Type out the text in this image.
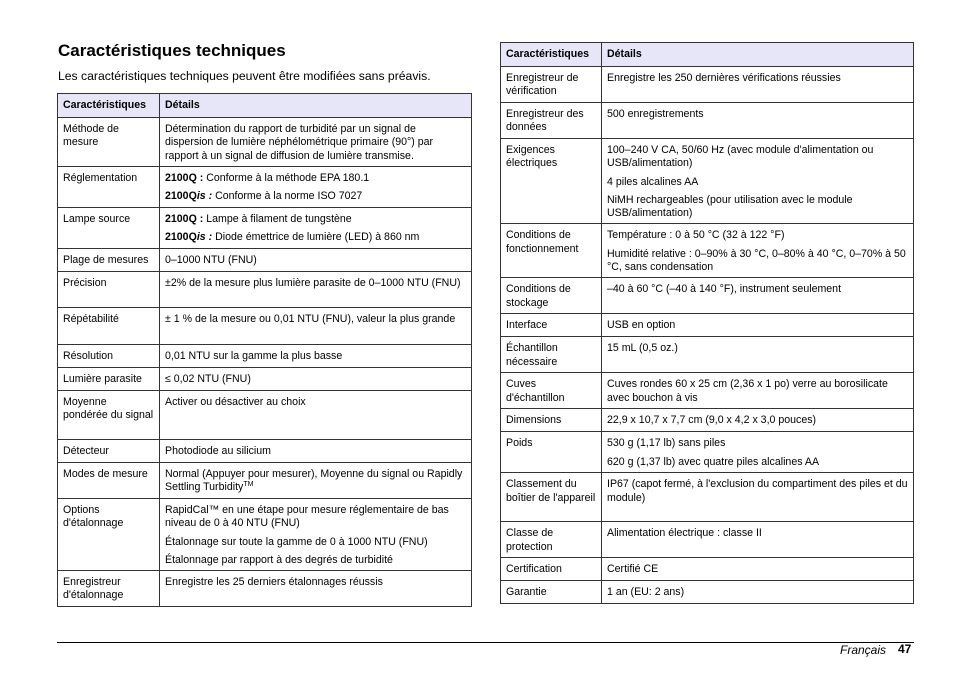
Caractéristiques techniques
Les caractéristiques techniques peuvent être modifiées sans préavis.
Caractéristiques	Détails
Méthode de mesure	Détermination du rapport de turbidité par un signal de dispersion de lumière néphélométrique primaire (90°) par rapport à un signal de diffusion de lumière transmise.

Réglementation	2100Q : Conforme à la méthode EPA 180.1

2100Qis : Conforme à la norme ISO 7027

Lampe source	2100Q : Lampe à filament de tungstène

2100Qis : Diode émettrice de lumière (LED) à 860 nm

Plage de mesures	0–1000 NTU (FNU)

Précision	±2% de la mesure plus lumière parasite de 0–1000 NTU (FNU)

Répétabilité	± 1 % de la mesure ou 0,01 NTU (FNU), valeur la plus grande

Résolution	0,01 NTU sur la gamme la plus basse

Lumière parasite	≤ 0,02 NTU (FNU)

Moyenne pondérée du signal	Activer ou désactiver au choix

Détecteur	Photodiode au silicium

Modes de mesure	Normal (Appuyer pour mesurer), Moyenne du signal ou Rapidly Settling Turbidity™

Options d'étalonnage	RapidCal™ en une étape pour mesure réglementaire de bas niveau de 0 à 40 NTU (FNU)

Étalonnage sur toute la gamme de 0 à 1000 NTU (FNU)

Étalonnage par rapport à des degrés de turbidité

Enregistreur d'étalonnage	Enregistre les 25 derniers étalonnages réussis

Caractéristiques	Détails
Enregistreur de vérification	Enregistre les 250 dernières vérifications réussies

Enregistreur des données	500 enregistrements

Exigences électriques	100–240 V CA, 50/60 Hz (avec module d'alimentation ou USB/alimentation)

4 piles alcalines AA

NiMH rechargeables (pour utilisation avec le module USB/alimentation)

Conditions de fonctionnement	Température : 0 à 50 °C (32 à 122 °F)

Humidité relative : 0–90% à 30 °C, 0–80% à 40 °C, 0–70% à 50 °C, sans condensation

Conditions de stockage	–40 à 60 °C (–40 à 140 °F), instrument seulement

Interface	USB en option

Échantillon nécessaire	15 mL (0,5 oz.)

Cuves d'échantillon	Cuves rondes 60 x 25 cm (2,36 x 1 po) verre au borosilicate avec bouchon à vis

Dimensions	22,9 x 10,7 x 7,7 cm (9,0 x 4,2 x 3,0 pouces)

Poids	530 g (1,17 lb) sans piles

620 g (1,37 lb) avec quatre piles alcalines AA

Classement du boîtier de l'appareil	IP67 (capot fermé, à l'exclusion du compartiment des piles et du module)

Classe de protection	Alimentation électrique : classe II

Certification	Certifié CE

Garantie	1 an (EU: 2 ans)

Français 47
